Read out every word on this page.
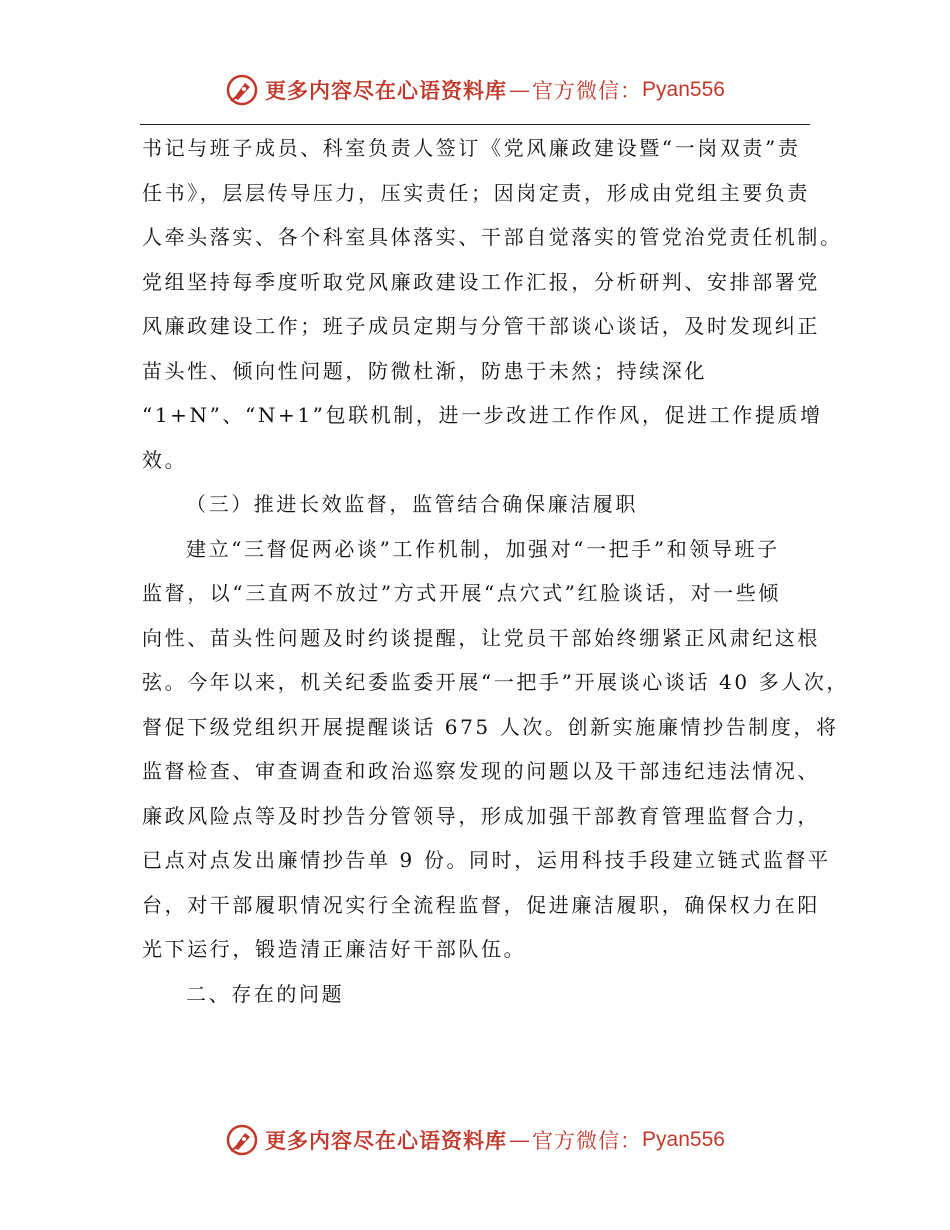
更多内容尽在心语资料库 — 官方微信： Pyan556
书记与班子成员、科室负责人签订《党风廉政建设暨“一岗双责”责
任书》，层层传导压力，压实责任；因岗定责，形成由党组主要负责
人牵头落实、各个科室具体落实、干部自觉落实的管党治党责任机制。
党组坚持每季度听取党风廉政建设工作汇报，分析研判、安排部署党
风廉政建设工作；班子成员定期与分管干部谈心谈话，及时发现纠正
苗头性、倾向性问题，防微杜渐，防患于未然；持续深化
“1+N”、“N+1”包联机制，进一步改进工作作风，促进工作提质增
效。
（三）推进长效监督，监管结合确保廉洁履职
建立“三督促两必谈”工作机制，加强对“一把手”和领导班子
监督，以“三直两不放过”方式开展“点穴式”红脸谈话，对一些倾
向性、苗头性问题及时约谈提醒，让党员干部始终绷紧正风肃纪这根
弦。今年以来，机关纪委监委开展“一把手”开展谈心谈话 40 多人次，
督促下级党组织开展提醒谈话 675 人次。创新实施廉情抄告制度，将
监督检查、审查调查和政治巡察发现的问题以及干部违纪违法情况、
廉政风险点等及时抄告分管领导，形成加强干部教育管理监督合力，
已点对点发出廉情抄告单 9 份。同时，运用科技手段建立链式监督平
台，对干部履职情况实行全流程监督，促进廉洁履职，确保权力在阳
光下运行，锻造清正廉洁好干部队伍。
二、存在的问题
更多内容尽在心语资料库 — 官方微信： Pyan556
